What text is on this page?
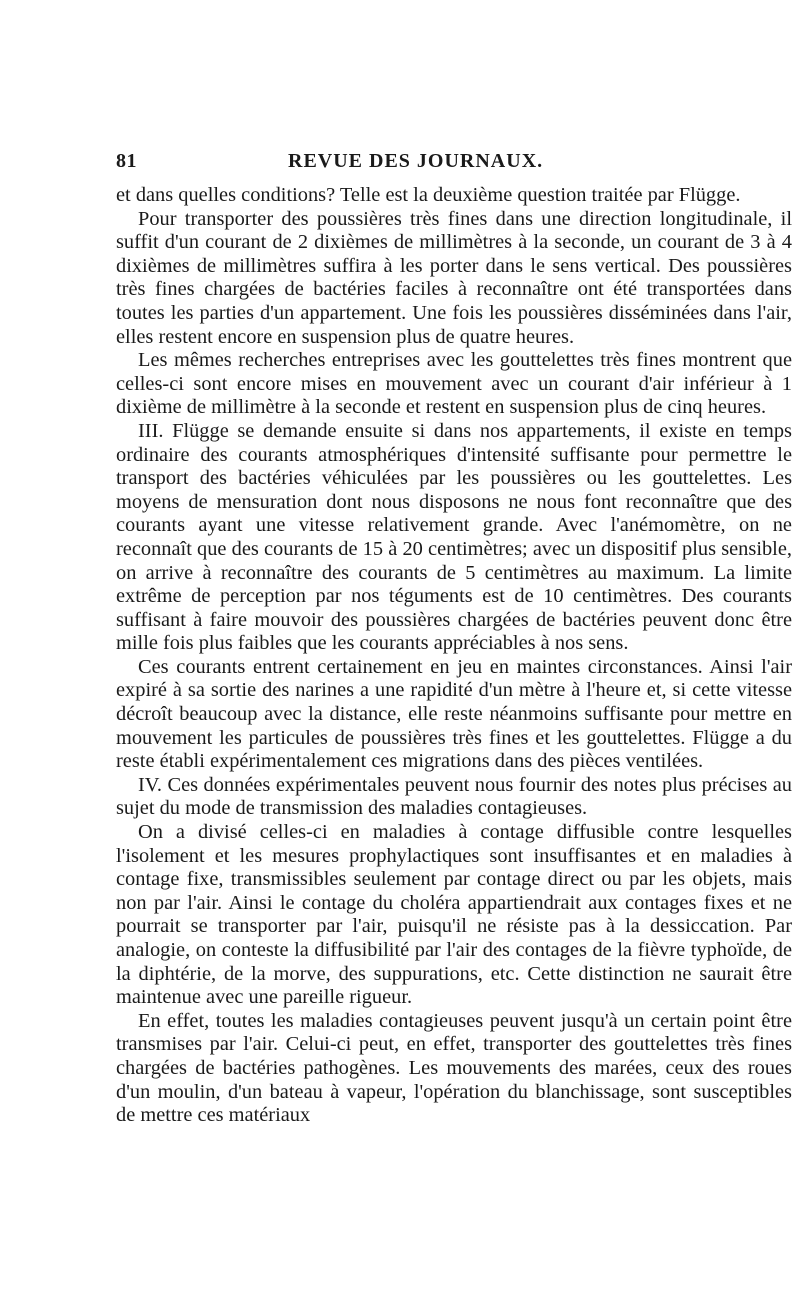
81	REVUE DES JOURNAUX.

et dans quelles conditions? Telle est la deuxième question traitée par Flügge.

Pour transporter des poussières très fines dans une direction longitudinale, il suffit d'un courant de 2 dixièmes de millimètres à la seconde, un courant de 3 à 4 dixièmes de millimètres suffira à les porter dans le sens vertical. Des poussières très fines chargées de bactéries faciles à reconnaître ont été transportées dans toutes les parties d'un appartement. Une fois les poussières disséminées dans l'air, elles restent encore en suspension plus de quatre heures.

Les mêmes recherches entreprises avec les gouttelettes très fines montrent que celles-ci sont encore mises en mouvement avec un courant d'air inférieur à 1 dixième de millimètre à la seconde et restent en suspension plus de cinq heures.

III. Flügge se demande ensuite si dans nos appartements, il existe en temps ordinaire des courants atmosphériques d'intensité suffisante pour permettre le transport des bactéries véhiculées par les poussières ou les gouttelettes. Les moyens de mensuration dont nous disposons ne nous font reconnaître que des courants ayant une vitesse relativement grande. Avec l'anémomètre, on ne reconnaît que des courants de 15 à 20 centimètres; avec un dispositif plus sensible, on arrive à reconnaître des courants de 5 centimètres au maximum. La limite extrême de perception par nos téguments est de 10 centimètres. Des courants suffisant à faire mouvoir des poussières chargées de bactéries peuvent donc être mille fois plus faibles que les courants appréciables à nos sens.

Ces courants entrent certainement en jeu en maintes circonstances. Ainsi l'air expiré à sa sortie des narines a une rapidité d'un mètre à l'heure et, si cette vitesse décroît beaucoup avec la distance, elle reste néanmoins suffisante pour mettre en mouvement les particules de poussières très fines et les gouttelettes. Flügge a du reste établi expérimentalement ces migrations dans des pièces ventilées.

IV. Ces données expérimentales peuvent nous fournir des notes plus précises au sujet du mode de transmission des maladies contagieuses.

On a divisé celles-ci en maladies à contage diffusible contre lesquelles l'isolement et les mesures prophylactiques sont insuffisantes et en maladies à contage fixe, transmissibles seulement par contage direct ou par les objets, mais non par l'air. Ainsi le contage du choléra appartiendrait aux contages fixes et ne pourrait se transporter par l'air, puisqu'il ne résiste pas à la dessiccation. Par analogie, on conteste la diffusibilité par l'air des contages de la fièvre typhoïde, de la diphtérie, de la morve, des suppurations, etc. Cette distinction ne saurait être maintenue avec une pareille rigueur.

En effet, toutes les maladies contagieuses peuvent jusqu'à un certain point être transmises par l'air. Celui-ci peut, en effet, transporter des gouttelettes très fines chargées de bactéries pathogènes. Les mouvements des marées, ceux des roues d'un moulin, d'un bateau à vapeur, l'opération du blanchissage, sont susceptibles de mettre ces matériaux
